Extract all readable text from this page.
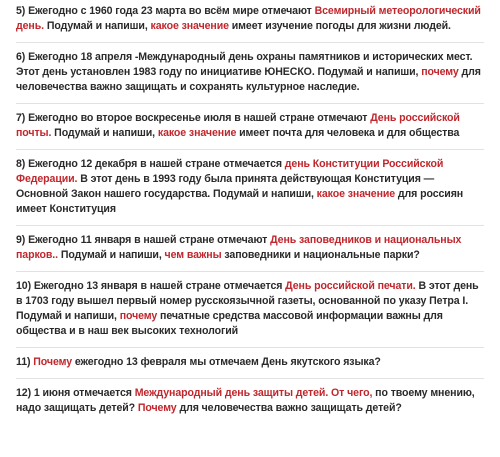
5) Ежегодно с 1960 года 23 марта во всём мире отмечают Всемирный метеорологический день. Подумай и напиши, какое значение имеет изучение погоды для жизни людей.

6) Ежегодно 18 апреля -Международный день охраны памятников и исторических мест. Этот день установлен 1983 году по инициативе ЮНЕСКО. Подумай и напиши, почему для человечества важно защищать и сохранять культурное наследие.

7) Ежегодно во второе воскресенье июля в нашей стране отмечают День российской почты. Подумай и напиши, какое значение имеет почта для человека и для общества

8) Ежегодно 12 декабря в нашей стране отмечается день Конституции Российской Федерации. В этот день в 1993 году была принята действующая Конституция — Основной Закон нашего государства. Подумай и напиши, какое значение для россиян имеет Конституция

9) Ежегодно 11 января в нашей стране отмечают День заповедников и национальных парков.. Подумай и напиши, чем важны заповедники и национальные парки?

10) Ежегодно 13 января в нашей стране отмечается День российской печати. В этот день в 1703 году вышел первый номер русскоязычной газеты, основанной по указу Петра I. Подумай и напиши, почему печатные средства массовой информации важны для общества и в наш век высоких технологий

11) Почему ежегодно 13 февраля мы отмечаем День якутского языка?

12) 1 июня отмечается Международный день защиты детей. От чего, по твоему мнению, надо защищать детей? Почему для человечества важно защищать детей?
